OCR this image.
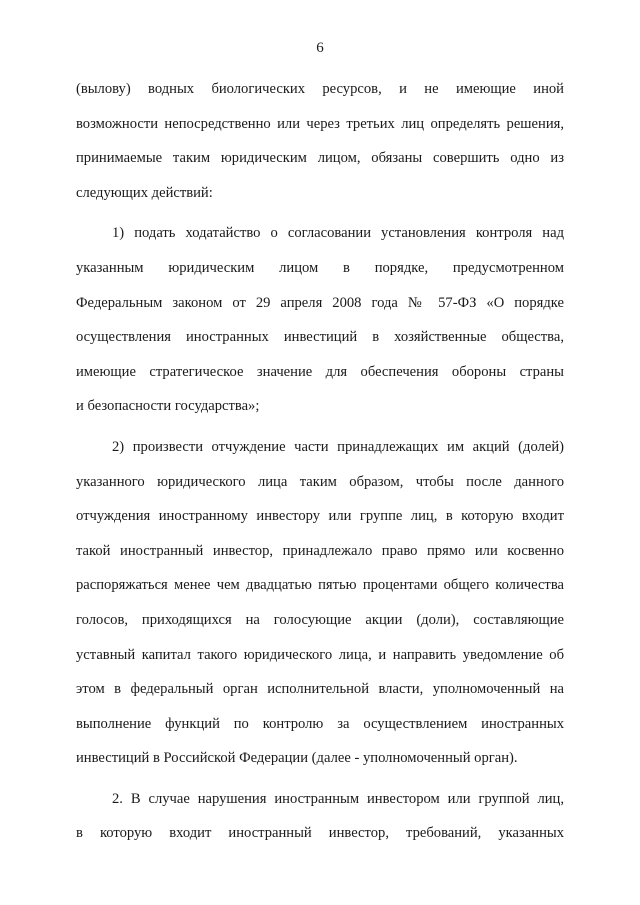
6
(вылову) водных биологических ресурсов, и не имеющие иной
возможности непосредственно или через третьих лиц определять решения,
принимаемые таким юридическим лицом, обязаны совершить одно из
следующих действий:
1) подать ходатайство о согласовании установления контроля над
указанным юридическим лицом в порядке, предусмотренном
Федеральным законом от 29 апреля 2008 года № 57-ФЗ «О порядке
осуществления иностранных инвестиций в хозяйственные общества,
имеющие стратегическое значение для обеспечения обороны страны
и безопасности государства»;
2) произвести отчуждение части принадлежащих им акций (долей)
указанного юридического лица таким образом, чтобы после данного
отчуждения иностранному инвестору или группе лиц, в которую входит
такой иностранный инвестор, принадлежало право прямо или косвенно
распоряжаться менее чем двадцатью пятью процентами общего количества
голосов, приходящихся на голосующие акции (доли), составляющие
уставный капитал такого юридического лица, и направить уведомление об
этом в федеральный орган исполнительной власти, уполномоченный на
выполнение функций по контролю за осуществлением иностранных
инвестиций в Российской Федерации (далее - уполномоченный орган).
2. В случае нарушения иностранным инвестором или группой лиц,
в которую входит иностранный инвестор, требований, указанных
